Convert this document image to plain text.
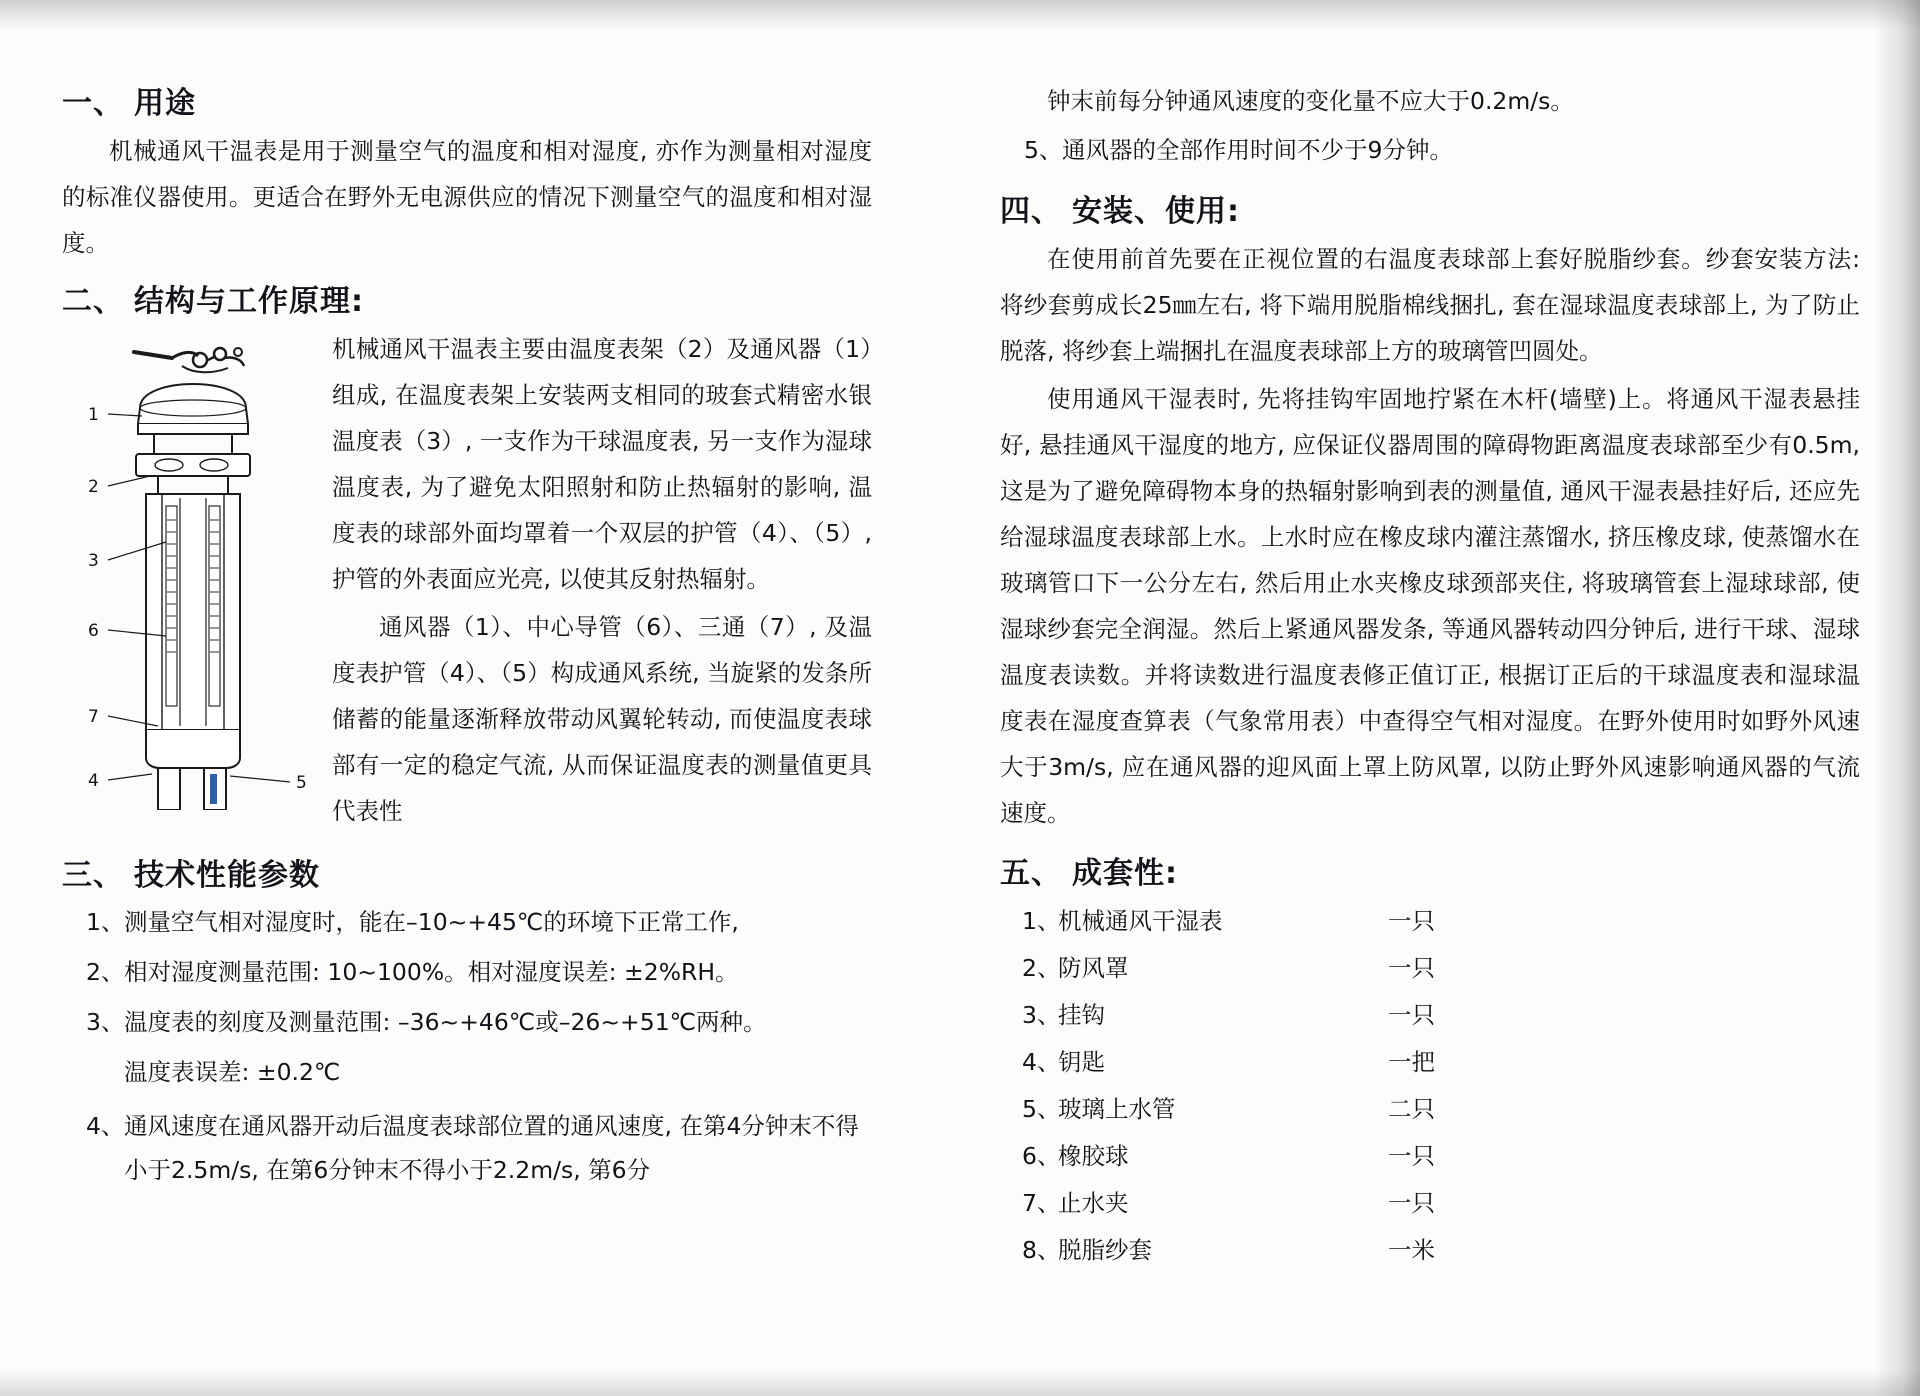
一、 用途

机械通风干温表是用于测量空气的温度和相对湿度, 亦作为测量相对湿度的标准仪器使用。更适合在野外无电源供应的情况下测量空气的温度和相对湿度。

二、 结构与工作原理:
1
2
3
6
7
4	5

机械通风干温表主要由温度表架（2）及通风器（1）组成, 在温度表架上安装两支相同的玻套式精密水银温度表（3）, 一支作为干球温度表, 另一支作为湿球温度表, 为了避免太阳照射和防止热辐射的影响, 温度表的球部外面均罩着一个双层的护管（4）、（5）, 护管的外表面应光亮, 以使其反射热辐射。

通风器（1）、中心导管（6）、三通（7）, 及温度表护管（4）、（5）构成通风系统, 当旋紧的发条所储蓄的能量逐渐释放带动风翼轮转动, 而使温度表球部有一定的稳定气流, 从而保证温度表的测量值更具代表性

三、 技术性能参数
1、 测量空气相对湿度时，能在–10~+45℃的环境下正常工作,
2、 相对湿度测量范围: 10~100%。相对湿度误差: ±2%RH。
3、 温度表的刻度及测量范围: –36~+46℃或–26~+51℃两种。
温度表误差: ±0.2℃
4、 通风速度在通风器开动后温度表球部位置的通风速度, 在第4分钟末不得小于2.5m/s, 在第6分钟末不得小于2.2m/s, 第6分

钟末前每分钟通风速度的变化量不应大于0.2m/s。

5、 通风器的全部作用时间不少于9分钟。
四、 安装、使用:

在使用前首先要在正视位置的右温度表球部上套好脱脂纱套。纱套安装方法: 将纱套剪成长25㎜左右, 将下端用脱脂棉线捆扎, 套在湿球温度表球部上, 为了防止脱落, 将纱套上端捆扎在温度表球部上方的玻璃管凹圆处。

使用通风干湿表时, 先将挂钩牢固地拧紧在木杆(墙壁)上。将通风干湿表悬挂好, 悬挂通风干湿度的地方, 应保证仪器周围的障碍物距离温度表球部至少有0.5m, 这是为了避免障碍物本身的热辐射影响到表的测量值, 通风干湿表悬挂好后, 还应先给湿球温度表球部上水。上水时应在橡皮球内灌注蒸馏水, 挤压橡皮球, 使蒸馏水在玻璃管口下一公分左右, 然后用止水夹橡皮球颈部夹住, 将玻璃管套上湿球球部, 使湿球纱套完全润湿。然后上紧通风器发条, 等通风器转动四分钟后, 进行干球、湿球温度表读数。并将读数进行温度表修正值订正, 根据订正后的干球温度表和湿球温度表在湿度查算表（气象常用表）中查得空气相对湿度。在野外使用时如野外风速大于3m/s, 应在通风器的迎风面上罩上防风罩, 以防止野外风速影响通风器的气流速度。

五、 成套性:
1、
机械通风干湿表	一只
2、
防风罩	一只
3、
挂钩	一只
4、
钥匙	一把
5、
玻璃上水管	二只
6、
橡胶球	一只
7、
止水夹	一只
8、
脱脂纱套	一米
